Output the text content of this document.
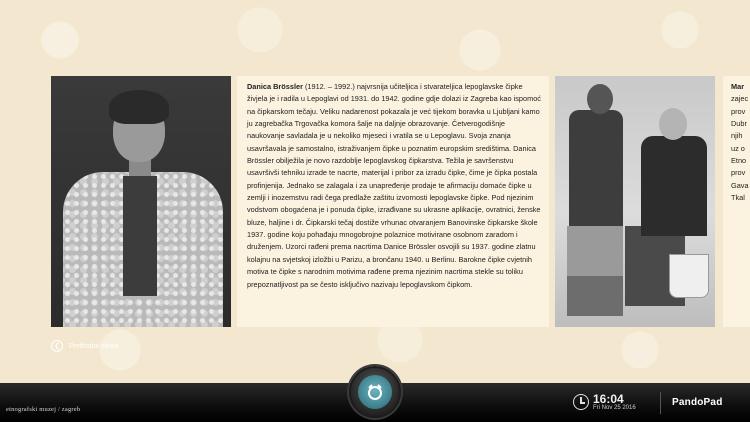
Danica Brössler (1912. – 1992.) najvrsnija učiteljica i stvarateljica lepoglavske čipke živjela je i radila u Lepoglavi od 1931. do 1942. godine gdje dolazi iz Zagreba kao ispomoć na čipkarskom tečaju. Veliku nadarenost pokazala je već tijekom boravka u Ljubljani kamo ju zagrebačka Trgovačka komora šalje na daljnje obrazovanje. Četverogodišnje naukovanje savladala je u nekoliko mjeseci i vratila se u Lepoglavu. Svoja znanja usavršavala je samostalno, istraživanjem čipke u poznatim europskim središtima. Danica Brössler obilježila je novo razdoblje lepoglavskog čipkarstva. Težila je savršenstvu usavršivši tehniku izrade te nacrte, materijal i pribor za izradu čipke, čime je čipka postala profinjenija. Jednako se zalagala i za unapređenje prodaje te afirmaciju domaće čipke u zemlji i inozemstvu radi čega predlaže zaštitu izvornosti lepoglavske čipke. Pod njezinim vodstvom obogaćena je i ponuda čipke, izrađivane su ukrasne aplikacije, ovratnici, ženske bluze, haljine i dr. Čipkarski tečaj dostiže vrhunac otvaranjem Banovinske čipkarske škole 1937. godine koju pohađaju mnogobrojne polaznice motivirane osobnom zaradom i druženjem. Uzorci rađeni prema nacrtima Danice Brössler osvojili su 1937. godine zlatnu kolajnu na svjetskoj izložbi u Parizu, a brončanu 1940. u Berlinu. Barokne čipke cvjetnih motiva te čipke s narodnim motivima rađene prema njezinim nacrtima stekle su toliku prepoznatljivost pa se često isključivo nazivaju lepoglavskom čipkom.

Mar
zajec
prov
Dubr
njih
uz o
Etno
prov
Gava
Tkal
❮	Prethodni ekran
etnografski muzej / zagreb
16:04
Fri Nov 25 2016	PandoPad
